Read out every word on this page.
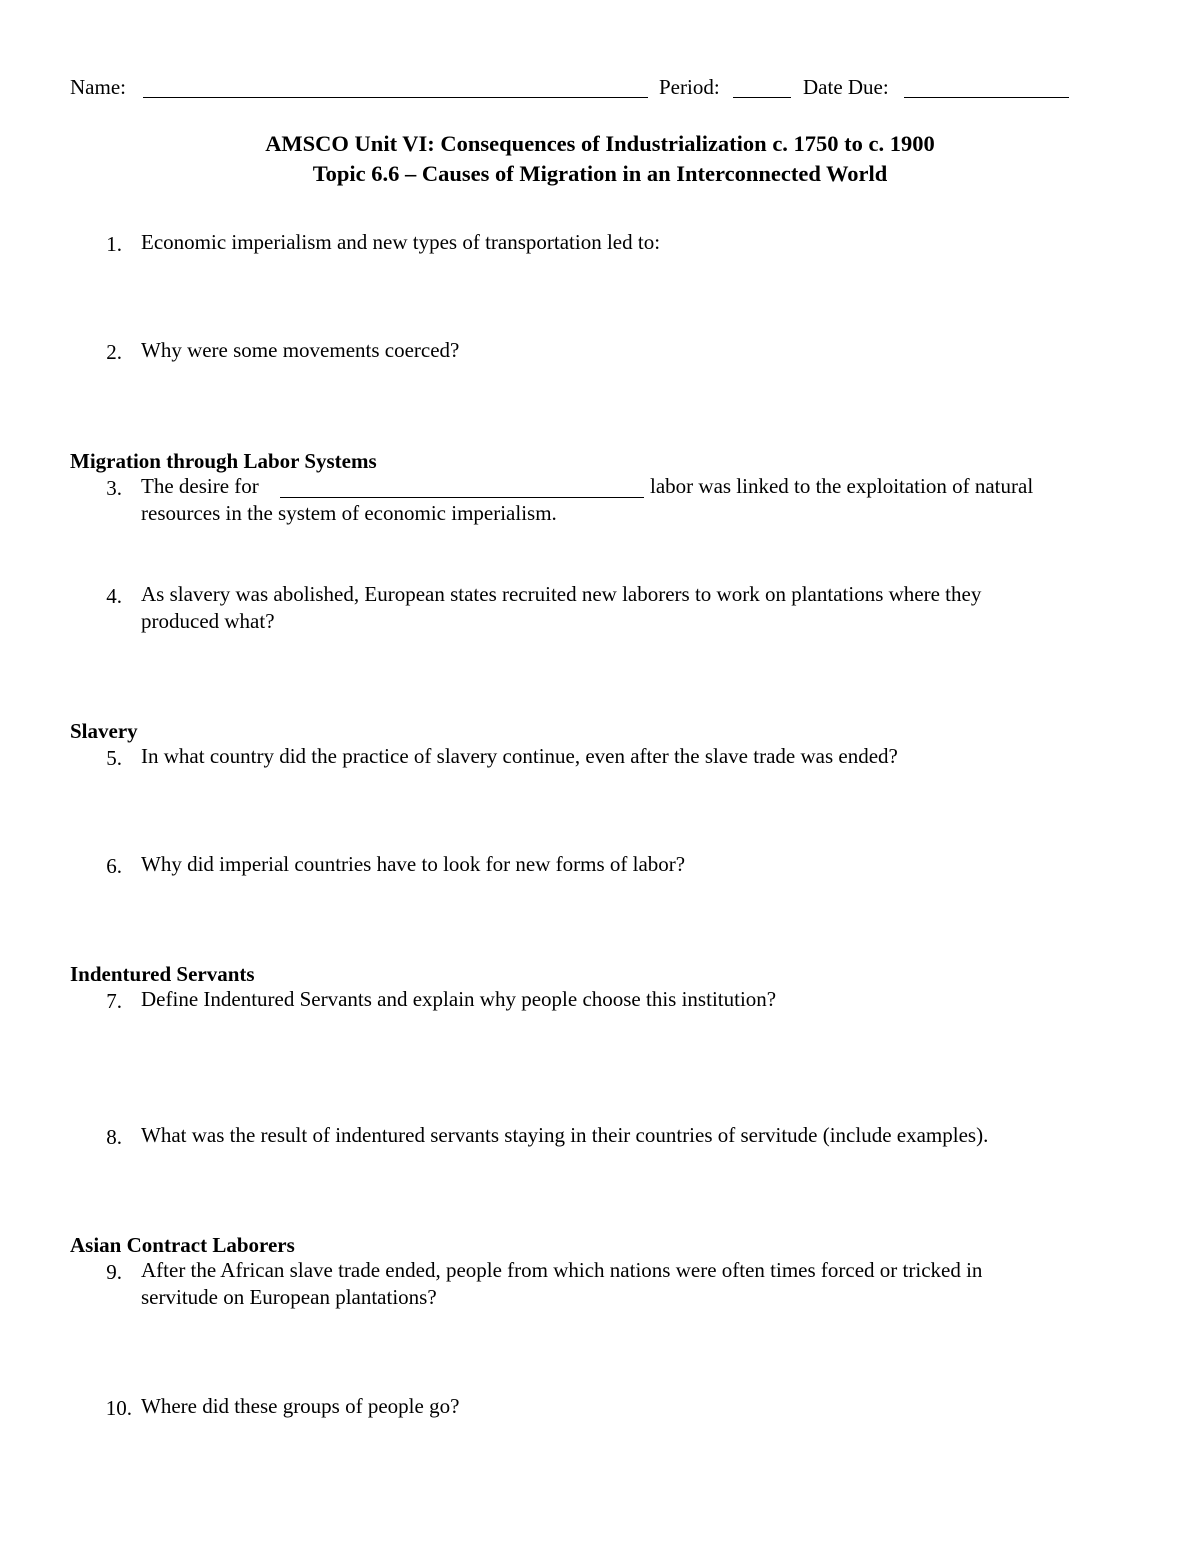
Name:	Period:	Date Due:
AMSCO Unit VI: Consequences of Industrialization c. 1750 to c. 1900
Topic 6.6 – Causes of Migration in an Interconnected World
1. Economic imperialism and new types of transportation led to:
2. Why were some movements coerced?
Migration through Labor Systems
3. The desire for	labor was linked to the exploitation of natural
resources in the system of economic imperialism.
4. As slavery was abolished, European states recruited new laborers to work on plantations where they
produced what?
Slavery
5. In what country did the practice of slavery continue, even after the slave trade was ended?
6. Why did imperial countries have to look for new forms of labor?
Indentured Servants
7. Define Indentured Servants and explain why people choose this institution?
8. What was the result of indentured servants staying in their countries of servitude (include examples).
Asian Contract Laborers
9. After the African slave trade ended, people from which nations were often times forced or tricked in
servitude on European plantations?
10. Where did these groups of people go?
